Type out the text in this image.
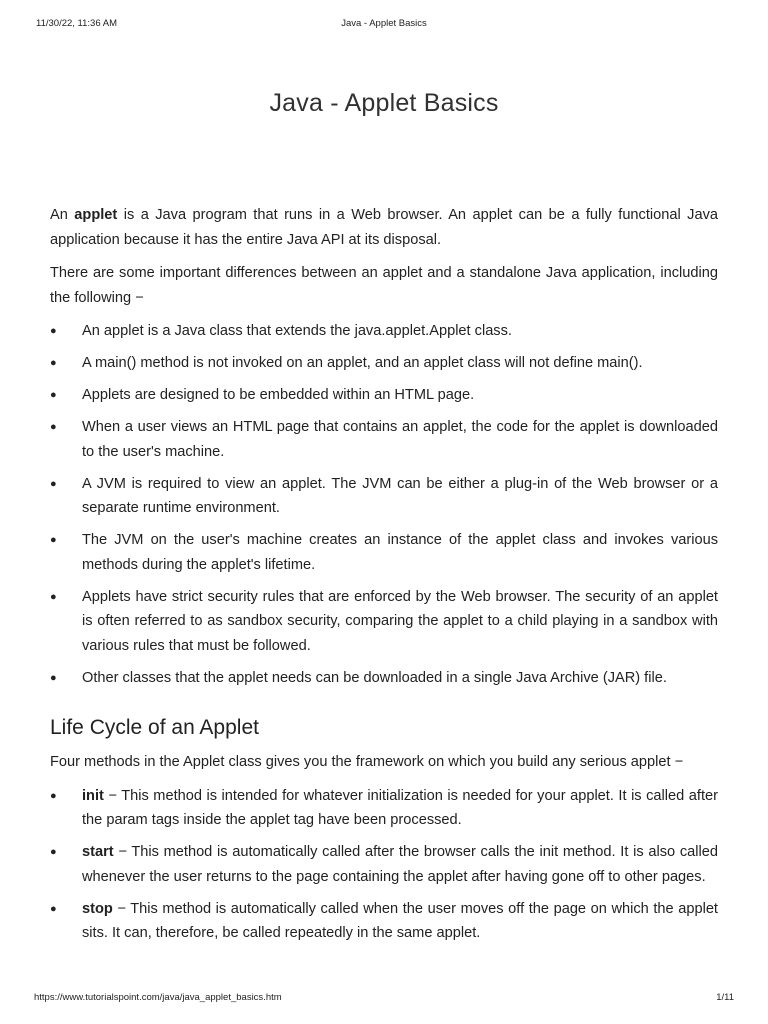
11/30/22, 11:36 AM	Java - Applet Basics
Java - Applet Basics

An applet is a Java program that runs in a Web browser. An applet can be a fully functional Java application because it has the entire Java API at its disposal.

There are some important differences between an applet and a standalone Java application, including the following −

● An applet is a Java class that extends the java.applet.Applet class.
● A main() method is not invoked on an applet, and an applet class will not define main().
● Applets are designed to be embedded within an HTML page.
● When a user views an HTML page that contains an applet, the code for the applet is downloaded to the user's machine.
● A JVM is required to view an applet. The JVM can be either a plug-in of the Web browser or a separate runtime environment.
● The JVM on the user's machine creates an instance of the applet class and invokes various methods during the applet's lifetime.
● Applets have strict security rules that are enforced by the Web browser. The security of an applet is often referred to as sandbox security, comparing the applet to a child playing in a sandbox with various rules that must be followed.
● Other classes that the applet needs can be downloaded in a single Java Archive (JAR) file.
Life Cycle of an Applet

Four methods in the Applet class gives you the framework on which you build any serious applet −

● init − This method is intended for whatever initialization is needed for your applet. It is called after the param tags inside the applet tag have been processed.
● start − This method is automatically called after the browser calls the init method. It is also called whenever the user returns to the page containing the applet after having gone off to other pages.
● stop − This method is automatically called when the user moves off the page on which the applet sits. It can, therefore, be called repeatedly in the same applet.
https://www.tutorialspoint.com/java/java_applet_basics.htm	1/11
